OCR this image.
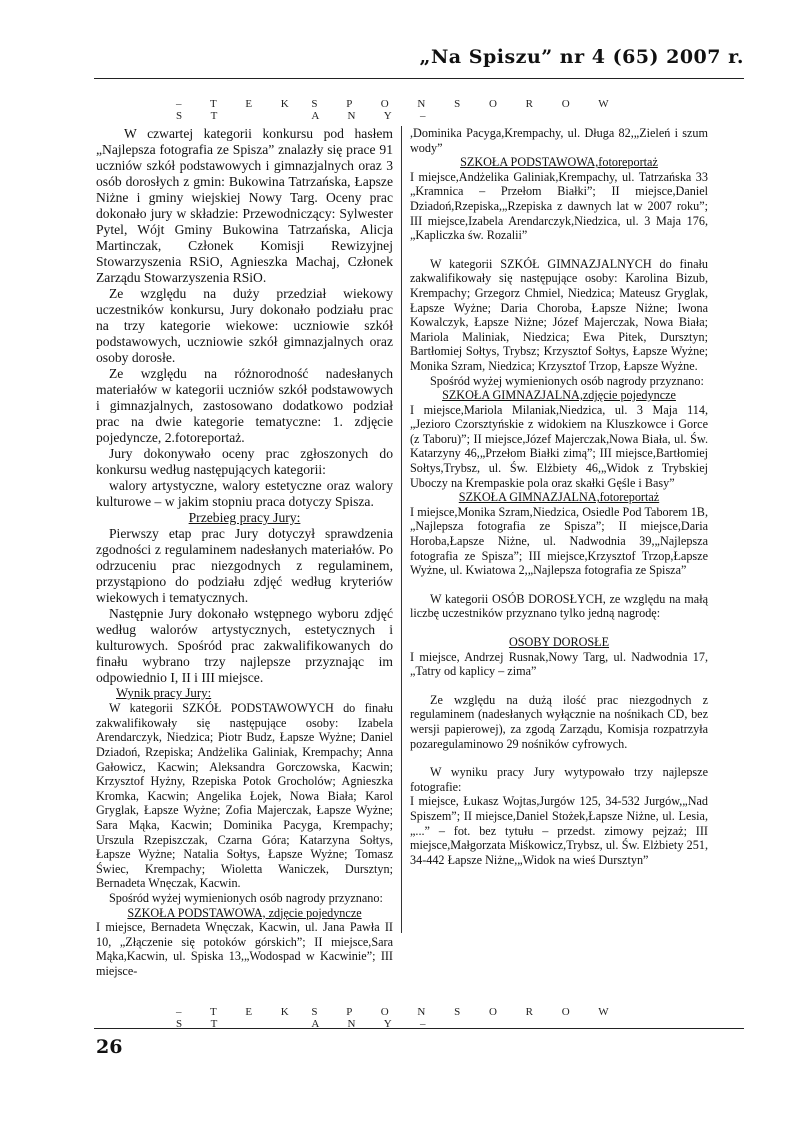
„Na Spiszu” nr 4 (65) 2007 r.
– T E K S T
S P O N S O R O W A N Y –

W czwartej kategorii konkursu pod hasłem „Najlepsza fotografia ze Spisza” znalazły się prace 91 uczniów szkół podstawowych i gimnazjalnych oraz 3 osób dorosłych z gmin: Bukowina Tatrzańska, Łapsze Niżne i gminy wiejskiej Nowy Targ. Oceny prac dokonało jury w składzie: Przewodniczący: Sylwester Pytel, Wójt Gminy Bukowina Tatrzańska, Alicja Martinczak, Członek Komisji Rewizyjnej Stowarzyszenia RSiO, Agnieszka Machaj, Członek Zarządu Stowarzyszenia RSiO.

Ze względu na duży przedział wiekowy uczestników konkursu, Jury dokonało podziału prac na trzy kategorie wiekowe: uczniowie szkół podstawowych, uczniowie szkół gimnazjalnych oraz osoby dorosłe.

Ze względu na różnorodność nadesłanych materiałów w kategorii uczniów szkół podstawowych i gimnazjalnych, zastosowano dodatkowo podział prac na dwie kategorie tematyczne: 1. zdjęcie pojedyncze, 2.fotoreportaż.

Jury dokonywało oceny prac zgłoszonych do konkursu według następujących kategorii:

walory artystyczne, walory estetyczne oraz walory kulturowe – w jakim stopniu praca dotyczy Spisza.

Przebieg pracy Jury:

Pierwszy etap prac Jury dotyczył sprawdzenia zgodności z regulaminem nadesłanych materiałów. Po odrzuceniu prac niezgodnych z regulaminem, przystąpiono do podziału zdjęć według kryteriów wiekowych i tematycznych.

Następnie Jury dokonało wstępnego wyboru zdjęć według walorów artystycznych, estetycznych i kulturowych. Spośród prac zakwalifikowanych do finału wybrano trzy najlepsze przyznając im odpowiednio I, II i III miejsce.

Wynik pracy Jury:

W kategorii SZKÓŁ PODSTAWOWYCH do finału zakwalifikowały się następujące osoby: Izabela Arendarczyk, Niedzica; Piotr Budz, Łapsze Wyżne; Daniel Dziadoń, Rzepiska; Andżelika Galiniak, Krempachy; Anna Gałowicz, Kacwin; Aleksandra Gorczowska, Kacwin; Krzysztof Hyżny, Rzepiska Potok Grocholów; Agnieszka Kromka, Kacwin; Angelika Łojek, Nowa Biała; Karol Gryglak, Łapsze Wyżne; Zofia Majerczak, Łapsze Wyżne; Sara Mąka, Kacwin; Dominika Pacyga, Krempachy; Urszula Rzepiszczak, Czarna Góra; Katarzyna Sołtys, Łapsze Wyżne; Natalia Sołtys, Łapsze Wyżne; Tomasz Świec, Krempachy; Wioletta Waniczek, Dursztyn; Bernadeta Wnęczak, Kacwin.

Spośród wyżej wymienionych osób nagrody przyznano:

SZKOŁA PODSTAWOWA, zdjęcie pojedyncze

I miejsce, Bernadeta Wnęczak, Kacwin, ul. Jana Pawła II 10, „Złączenie się potoków górskich”; II miejsce,Sara Mąka,Kacwin, ul. Spiska 13,„Wodospad w Kacwinie”; III miejsce-

,Dominika Pacyga,Krempachy, ul. Długa 82,„Zieleń i szum wody”

SZKOŁA PODSTAWOWA,fotoreportaż

I miejsce,Andżelika Galiniak,Krempachy, ul. Tatrzańska 33 „Kramnica – Przełom Białki”; II miejsce,Daniel Dziadoń,Rzepiska,„Rzepiska z dawnych lat w 2007 roku”; III miejsce,Izabela Arendarczyk,Niedzica, ul. 3 Maja 176,„Kapliczka św. Rozalii”

W kategorii SZKÓŁ GIMNAZJALNYCH do finału zakwalifikowały się następujące osoby: Karolina Bizub, Krempachy; Grzegorz Chmiel, Niedzica; Mateusz Gryglak, Łapsze Wyżne; Daria Choroba, Łapsze Niżne; Iwona Kowalczyk, Łapsze Niżne; Józef Majerczak, Nowa Biała; Mariola Maliniak, Niedzica; Ewa Pitek, Dursztyn; Bartłomiej Sołtys, Trybsz; Krzysztof Sołtys, Łapsze Wyżne; Monika Szram, Niedzica; Krzysztof Trzop, Łapsze Wyżne.

Spośród wyżej wymienionych osób nagrody przyznano:

SZKOŁA GIMNAZJALNA,zdjęcie pojedyncze

I miejsce,Mariola Milaniak,Niedzica, ul. 3 Maja 114,„Jezioro Czorsztyńskie z widokiem na Kluszkowce i Gorce (z Taboru)”; II miejsce,Józef Majerczak,Nowa Biała, ul. Św. Katarzyny 46,„Przełom Białki zimą”; III miejsce,Bartłomiej Sołtys,Trybsz, ul. Św. Elżbiety 46,„Widok z Trybskiej Uboczy na Krempaskie pola oraz skałki Gęśle i Basy”

SZKOŁA GIMNAZJALNA,fotoreportaż

I miejsce,Monika Szram,Niedzica, Osiedle Pod Taborem 1B,„Najlepsza fotografia ze Spisza”; II miejsce,Daria Horoba,Łapsze Niżne, ul. Nadwodnia 39,„Najlepsza fotografia ze Spisza”; III miejsce,Krzysztof Trzop,Łapsze Wyżne, ul. Kwiatowa 2,„Najlepsza fotografia ze Spisza”

W kategorii OSÓB DOROSŁYCH, ze względu na małą liczbę uczestników przyznano tylko jedną nagrodę:

OSOBY DOROSŁE

I miejsce, Andrzej Rusnak,Nowy Targ, ul. Nadwodnia 17,„Tatry od kaplicy – zima”

Ze względu na dużą ilość prac niezgodnych z regulaminem (nadesłanych wyłącznie na nośnikach CD, bez wersji papierowej), za zgodą Zarządu, Komisja rozpatrzyła pozaregulaminowo 29 nośników cyfrowych.

W wyniku pracy Jury wytypowało trzy najlepsze fotografie:

I miejsce, Łukasz Wojtas,Jurgów 125, 34-532 Jurgów,„Nad Spiszem”; II miejsce,Daniel Stożek,Łapsze Niżne, ul. Lesia,„...” – fot. bez tytułu – przedst. zimowy pejzaż; III miejsce,Małgorzata Miśkowicz,Trybsz, ul. Św. Elżbiety 251, 34-442 Łapsze Niżne,„Widok na wieś Dursztyn”

– T E K S T
S P O N S O R O W A N Y –
26
